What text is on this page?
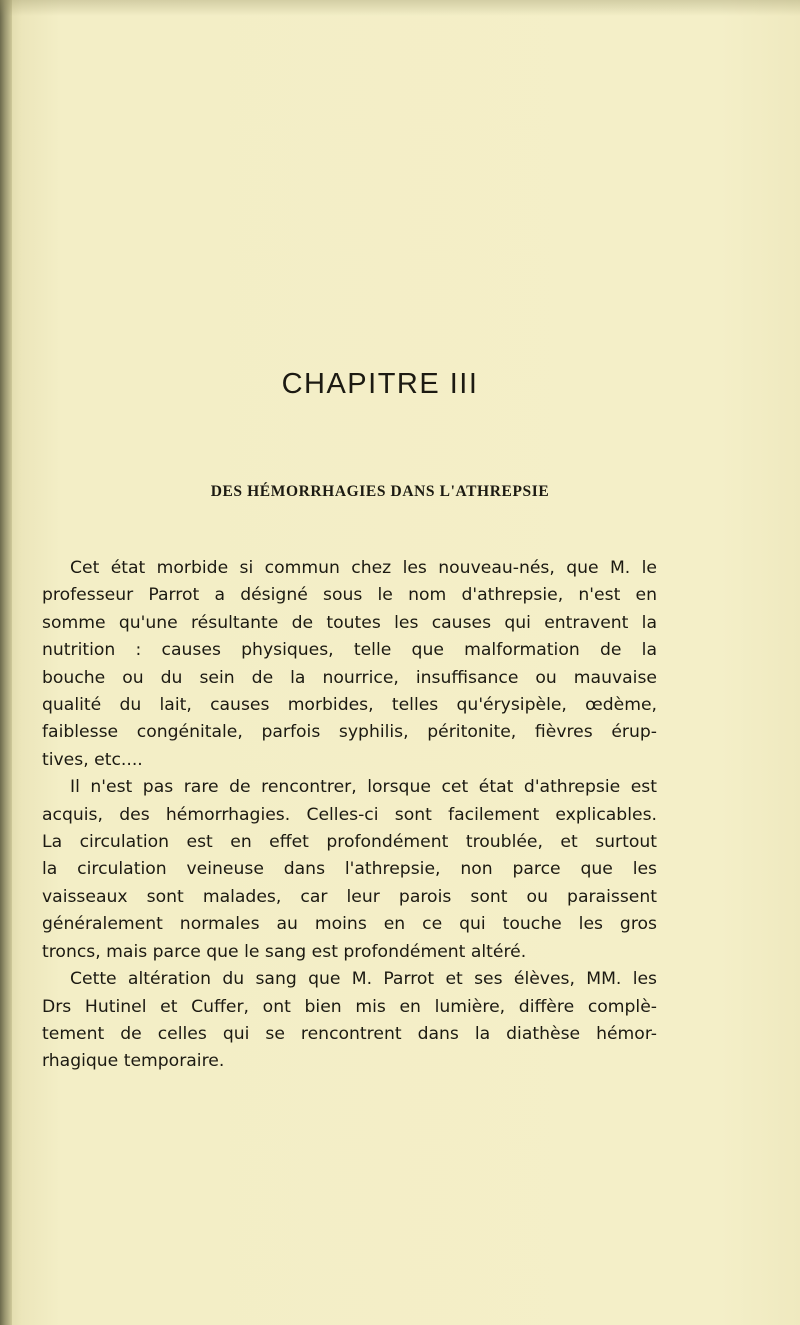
CHAPITRE III
DES HÉMORRHAGIES DANS L'ATHREPSIE
Cet état morbide si commun chez les nouveau-nés, que M. le
professeur Parrot a désigné sous le nom d'athrepsie, n'est en
somme qu'une résultante de toutes les causes qui entravent la
nutrition : causes physiques, telle que malformation de la
bouche ou du sein de la nourrice, insuffisance ou mauvaise
qualité du lait, causes morbides, telles qu'érysipèle, œdème,
faiblesse congénitale, parfois syphilis, péritonite, fièvres érup-
tives, etc....
Il n'est pas rare de rencontrer, lorsque cet état d'athrepsie est
acquis, des hémorrhagies. Celles-ci sont facilement explicables.
La circulation est en effet profondément troublée, et surtout
la circulation veineuse dans l'athrepsie, non parce que les
vaisseaux sont malades, car leur parois sont ou paraissent
généralement normales au moins en ce qui touche les gros
troncs, mais parce que le sang est profondément altéré.
Cette altération du sang que M. Parrot et ses élèves, MM. les
Drs Hutinel et Cuffer, ont bien mis en lumière, diffère complè-
tement de celles qui se rencontrent dans la diathèse hémor-
rhagique temporaire.
